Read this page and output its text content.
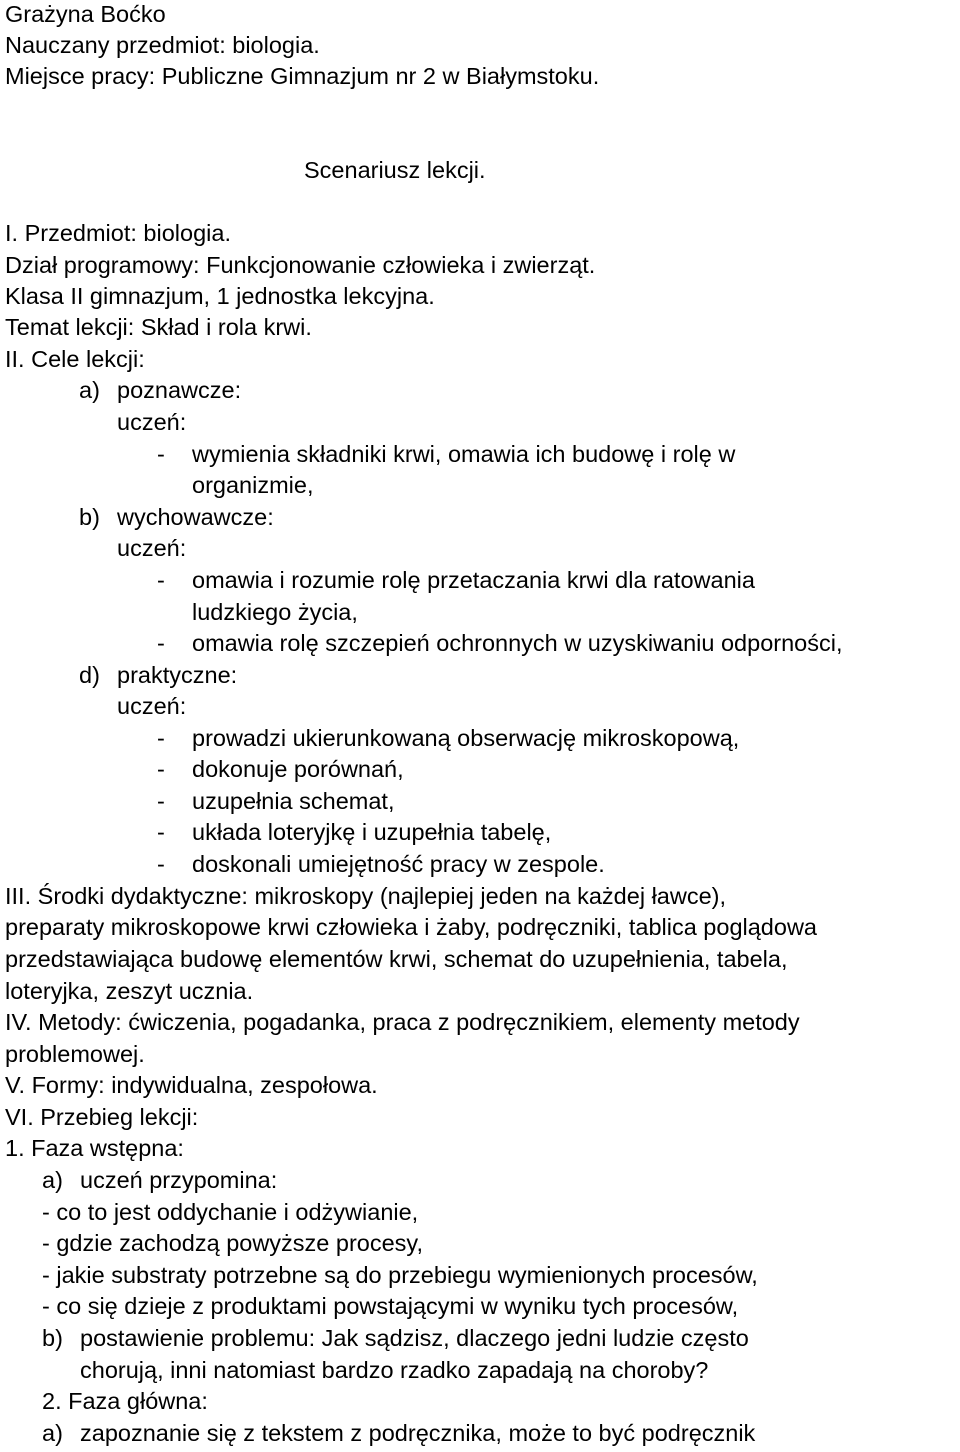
Grażyna Boćko
Nauczany przedmiot: biologia.
Miejsce pracy: Publiczne Gimnazjum nr 2 w Białymstoku.
Scenariusz lekcji.
I. Przedmiot: biologia.
Dział programowy: Funkcjonowanie człowieka i zwierząt.
Klasa II gimnazjum, 1 jednostka lekcyjna.
Temat lekcji: Skład i rola krwi.
II. Cele lekcji:
a) poznawcze:
uczeń:
- wymienia składniki krwi, omawia ich budowę i rolę w
organizmie,
b) wychowawcze:
uczeń:
- omawia i rozumie rolę przetaczania krwi dla ratowania
ludzkiego życia,
- omawia rolę szczepień ochronnych w uzyskiwaniu odporności,
d) praktyczne:
uczeń:
- prowadzi ukierunkowaną obserwację mikroskopową,
- dokonuje porównań,
- uzupełnia schemat,
- układa loteryjkę i uzupełnia tabelę,
- doskonali umiejętność pracy w zespole.
III. Środki dydaktyczne: mikroskopy (najlepiej jeden na każdej ławce),
preparaty mikroskopowe krwi człowieka i żaby, podręczniki, tablica poglądowa
przedstawiająca budowę elementów krwi, schemat do uzupełnienia, tabela,
loteryjka, zeszyt ucznia.
IV. Metody: ćwiczenia, pogadanka, praca z podręcznikiem, elementy metody
problemowej.
V. Formy: indywidualna, zespołowa.
VI. Przebieg lekcji:
1. Faza wstępna:
a) uczeń przypomina:
- co to jest oddychanie i odżywianie,
- gdzie zachodzą powyższe procesy,
- jakie substraty potrzebne są do przebiegu wymienionych procesów,
- co się dzieje z produktami powstającymi w wyniku tych procesów,
b) postawienie problemu: Jak sądzisz, dlaczego jedni ludzie często
chorują, inni natomiast bardzo rzadko zapadają na choroby?
2. Faza główna:
a) zapoznanie się z tekstem z podręcznika, może to być podręcznik
